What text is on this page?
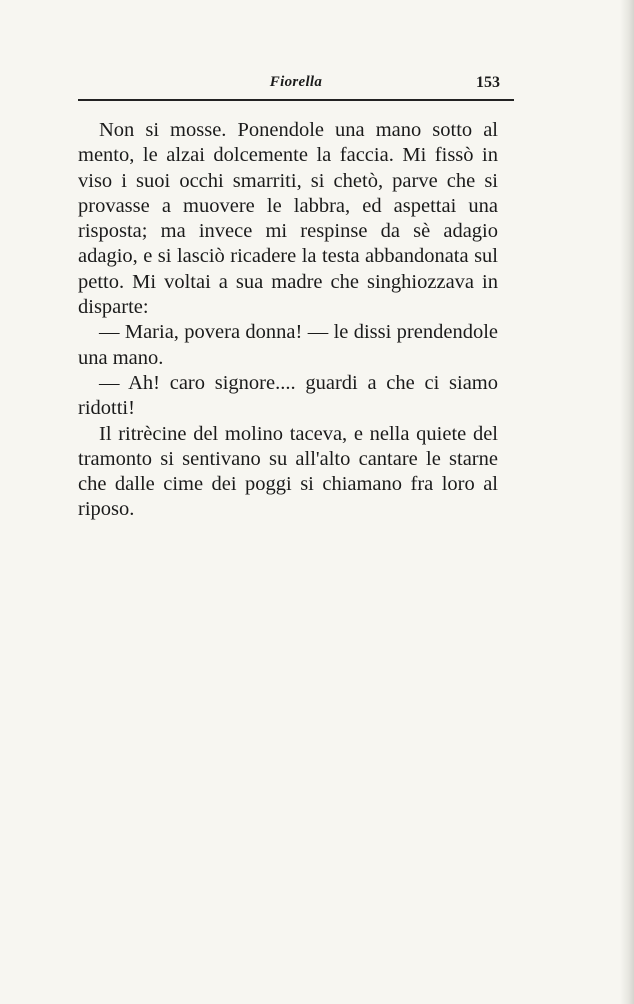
Fiorella	153

Non si mosse. Ponendole una mano sotto al mento, le alzai dolcemente la faccia. Mi fissò in viso i suoi occhi smarriti, si chetò, parve che si provasse a muovere le labbra, ed aspettai una risposta; ma invece mi respinse da sè adagio adagio, e si lasciò ricadere la testa abbandonata sul petto. Mi voltai a sua madre che singhiozzava in disparte:

— Maria, povera donna! — le dissi prendendole una mano.

— Ah! caro signore.... guardi a che ci siamo ridotti!

Il ritrècine del molino taceva, e nella quiete del tramonto si sentivano su all'alto cantare le starne che dalle cime dei poggi si chiamano fra loro al riposo.
